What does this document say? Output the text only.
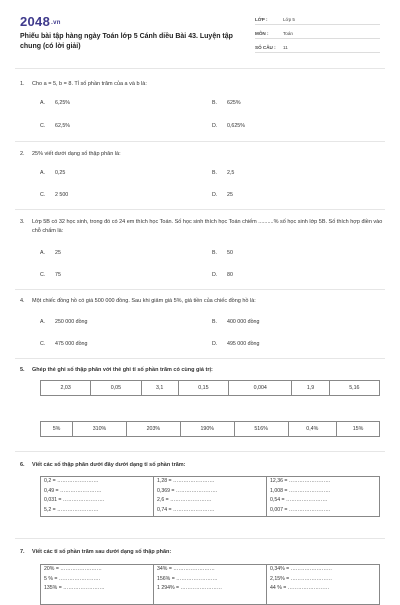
2048.vn
Phiếu bài tập hàng ngày Toán lớp 5 Cánh diều Bài 43. Luyện tập chung (có lời giải)
LỚP :	Lớp 5
MÔN :	Toán
SỐ CÂU : 11
1. Cho a = 5, b = 8. Tỉ số phần trăm của a và b là:
A. 6,25%	B. 625%
C. 62,5%	D. 0,625%
2. 25% viết dưới dạng số thập phân là:
A. 0,25	B. 2,5
C. 2 500	D. 25
3. Lớp 5B có 32 học sinh, trong đó có 24 em thích học Toán. Số học sinh thích học Toán chiếm ..........% số học sinh lớp 5B. Số thích hợp điền vào chỗ chấm là:
A. 25	B. 50
C. 75	D. 80
4. Một chiếc đồng hồ có giá 500 000 đồng. Sau khi giảm giá 5%, giá tiền của chiếc đồng hồ là:
A. 250 000 đồng	B. 400 000 đồng
C. 475 000 đồng	D. 495 000 đồng
5. Ghép thẻ ghi số thập phân với thẻ ghi tỉ số phần trăm có cùng giá trị:
2,03	0,05	3,1	0,15	0,004	1,9	5,16
5%	310%	203%	190%	516%	0,4%	15%
6. Viết các số thập phân dưới đây dưới dạng tỉ số phần trăm:
0,2 = ……………………
0,49 = ……………………
0,031 = ……………………
5,2 = ……………………

1,28 = ……………………
0,369 = ……………………
2,6 = ……………………
0,74 = ……………………

12,36 = ……………………
1,008 = ……………………
0,54 = ……………………
0,007 = ……………………
7. Viết các tỉ số phần trăm sau dưới dạng số thập phân:
20% = ……………………
5 % = ……………………
135% = ……………………

34% = ……………………
156% = ……………………
1 294% = ……………………

0,34% = ……………………
2,15% = ……………………
44 % = ……………………
